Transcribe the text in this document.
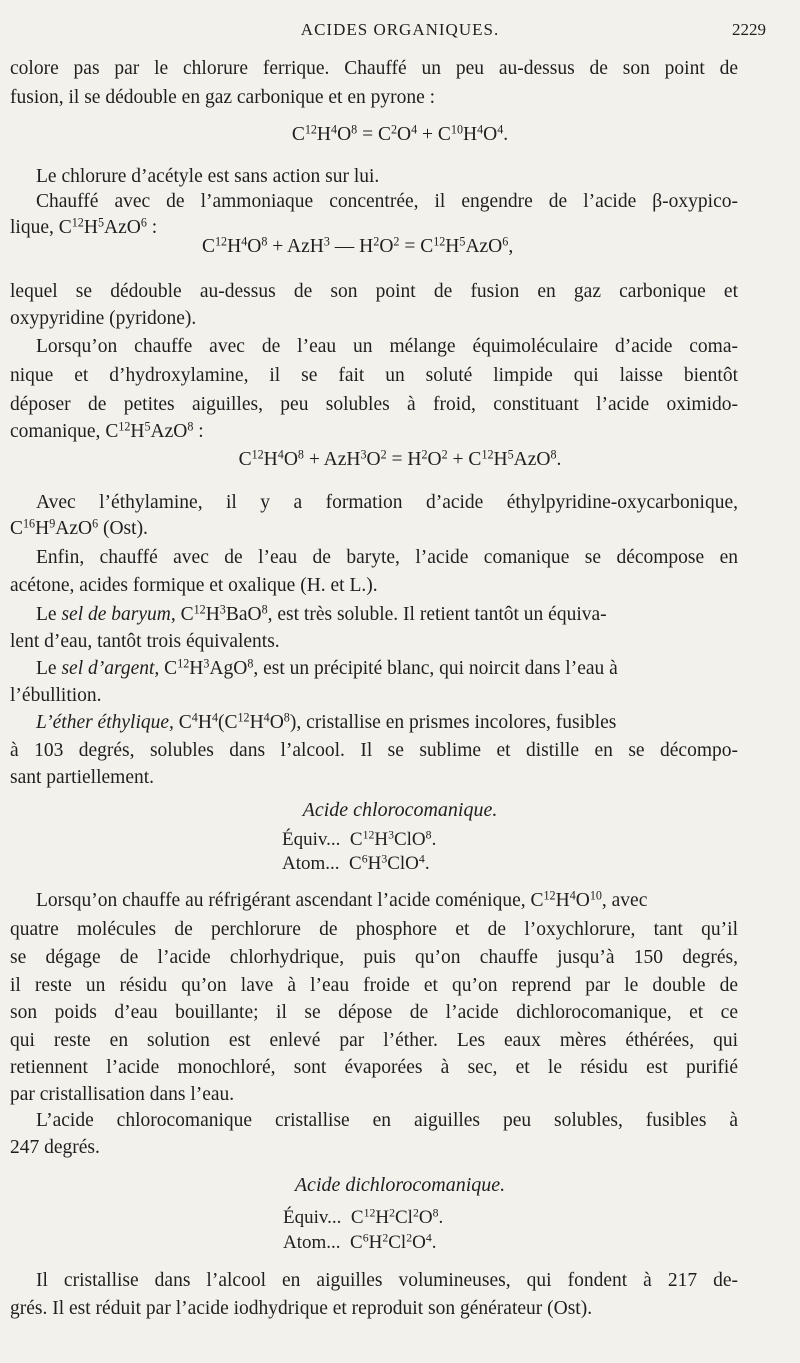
ACIDES ORGANIQUES.	2229
colore pas par le chlorure ferrique. Chauffé un peu au-dessus de son point de
fusion, il se dédouble en gaz carbonique et en pyrone :
$C^{12}H^4O^8 = C^2O^4 + C^{10}H^4O^4$.
Le chlorure d’acétyle est sans action sur lui.
Chauffé avec de l’ammoniaque concentrée, il engendre de l’acide β-oxypico-
lique, $C^{12}H^5AzO^6$ :
$C^{12}H^4O^8 + AzH^3$ — $H^2O^2 = C^{12}H^5AzO^6$,
lequel se dédouble au-dessus de son point de fusion en gaz carbonique et
oxypyridine (pyridone).
Lorsqu’on chauffe avec de l’eau un mélange équimoléculaire d’acide coma-
nique et d’hydroxylamine, il se fait un soluté limpide qui laisse bientôt
déposer de petites aiguilles, peu solubles à froid, constituant l’acide oximido-
comanique, $C^{12}H^5AzO^8$ :
$C^{12}H^4O^8 + AzH^3O^2 = H^2O^2 + C^{12}H^5AzO^8$.
Avec l’éthylamine, il y a formation d’acide éthylpyridine-oxycarbonique,
$C^{16}H^9AzO^6$ (Ost).
Enfin, chauffé avec de l’eau de baryte, l’acide comanique se décompose en
acétone, acides formique et oxalique (H. et L.).
Le sel de baryum, $C^{12}H^3BaO^8$, est très soluble. Il retient tantôt un équiva-
lent d’eau, tantôt trois équivalents.
Le sel d’argent, $C^{12}H^3AgO^8$, est un précipité blanc, qui noircit dans l’eau à
l’ébullition.
L’éther éthylique, $C^4H^4(C^{12}H^4O^8)$, cristallise en prismes incolores, fusibles
à 103 degrés, solubles dans l’alcool. Il se sublime et distille en se décompo-
sant partiellement.
Acide chlorocomanique.
Équiv...  $C^{12}H^3ClO^8$.
Atom...  $C^6H^3ClO^4$.
Lorsqu’on chauffe au réfrigérant ascendant l’acide coménique, $C^{12}H^4O^{10}$, avec
quatre molécules de perchlorure de phosphore et de l’oxychlorure, tant qu’il
se dégage de l’acide chlorhydrique, puis qu’on chauffe jusqu’à 150 degrés,
il reste un résidu qu’on lave à l’eau froide et qu’on reprend par le double de
son poids d’eau bouillante; il se dépose de l’acide dichlorocomanique, et ce
qui reste en solution est enlevé par l’éther. Les eaux mères éthérées, qui
retiennent l’acide monochloré, sont évaporées à sec, et le résidu est purifié
par cristallisation dans l’eau.
L’acide chlorocomanique cristallise en aiguilles peu solubles, fusibles à
247 degrés.
Acide dichlorocomanique.
Équiv...  $C^{12}H^2Cl^2O^8$.
Atom...  $C^6H^2Cl^2O^4$.
Il cristallise dans l’alcool en aiguilles volumineuses, qui fondent à 217 de-
grés. Il est réduit par l’acide iodhydrique et reproduit son générateur (Ost).
